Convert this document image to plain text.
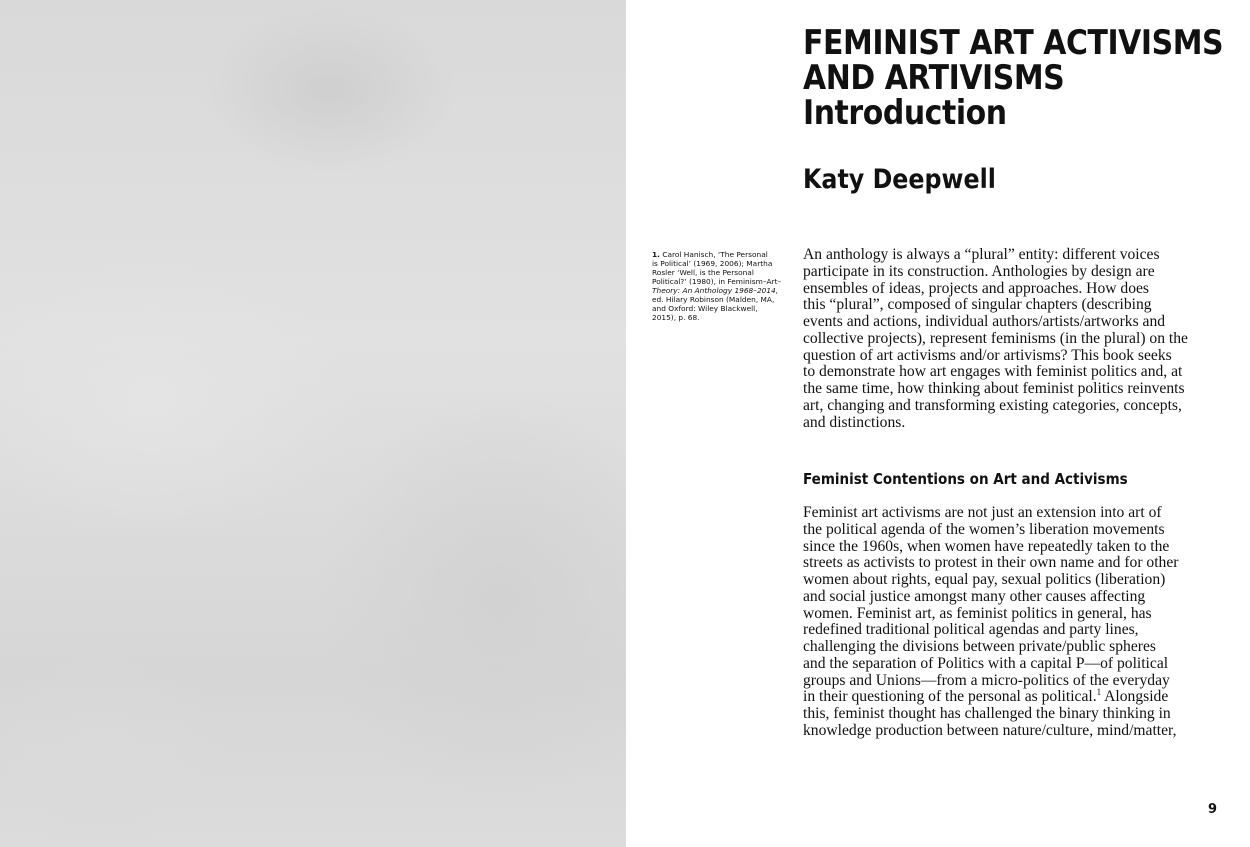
FEMINIST ART ACTIVISMS
AND ARTIVISMS
Introduction
Katy Deepwell
1. Carol Hanisch, ‘The Personal
is Political’ (1969, 2006); Martha
Rosler ‘Well, is the Personal
Political?’ (1980), in Feminism–Art–
Theory: An Anthology 1968–2014,
ed. Hilary Robinson (Malden, MA,
and Oxford: Wiley Blackwell,
2015), p. 68.
An anthology is always a “plural” entity: different voices
participate in its construction. Anthologies by design are
ensembles of ideas, projects and approaches. How does
this “plural”, composed of singular chapters (describing
events and actions, individual authors/artists/artworks and
collective projects), represent feminisms (in the plural) on the
question of art activisms and/or artivisms? This book seeks
to demonstrate how art engages with feminist politics and, at
the same time, how thinking about feminist politics reinvents
art, changing and transforming existing categories, concepts,
and distinctions.
Feminist Contentions on Art and Activisms
Feminist art activisms are not just an extension into art of
the political agenda of the women’s liberation movements
since the 1960s, when women have repeatedly taken to the
streets as activists to protest in their own name and for other
women about rights, equal pay, sexual politics (liberation)
and social justice amongst many other causes affecting
women. Feminist art, as feminist politics in general, has
redefined traditional political agendas and party lines,
challenging the divisions between private/public spheres
and the separation of Politics with a capital P—of political
groups and Unions—from a micro-politics of the everyday
in their questioning of the personal as political.$^1$ Alongside
this, feminist thought has challenged the binary thinking in
knowledge production between nature/culture, mind/matter,
9
